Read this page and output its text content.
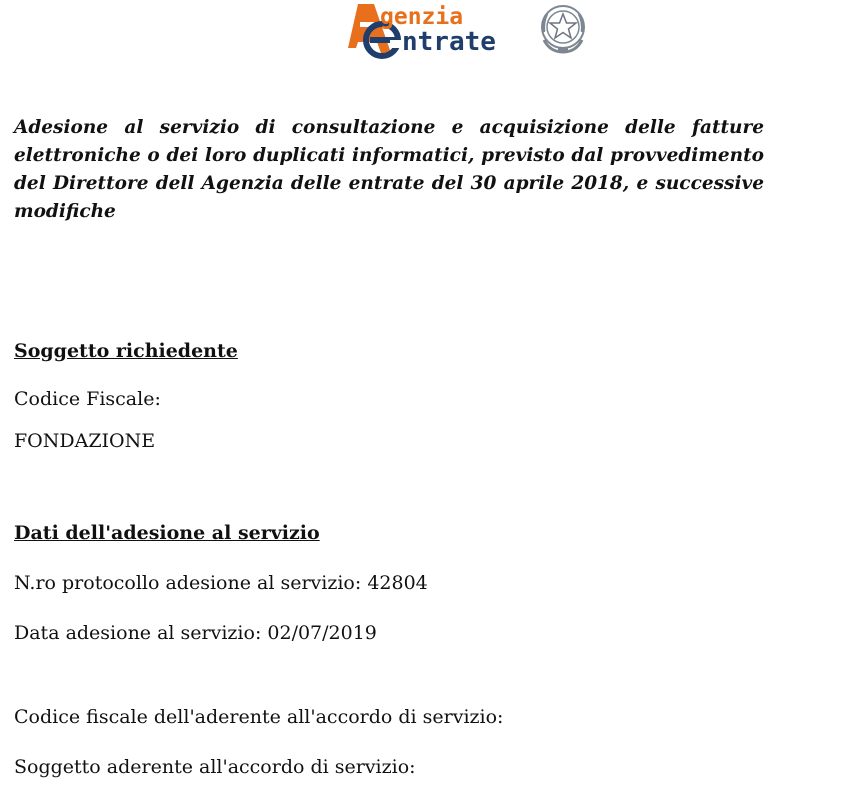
genzia
ntrate

Adesione al servizio di consultazione e acquisizione delle fatture elettroniche o dei loro duplicati informatici, previsto dal provvedimento del Direttore dell Agenzia delle entrate del 30 aprile 2018, e successive modifiche

Soggetto richiedente

Codice Fiscale:

FONDAZIONE

Dati dell'adesione al servizio

N.ro protocollo adesione al servizio: 42804

Data adesione al servizio: 02/07/2019

Codice fiscale dell'aderente all'accordo di servizio:

Soggetto aderente all'accordo di servizio:
